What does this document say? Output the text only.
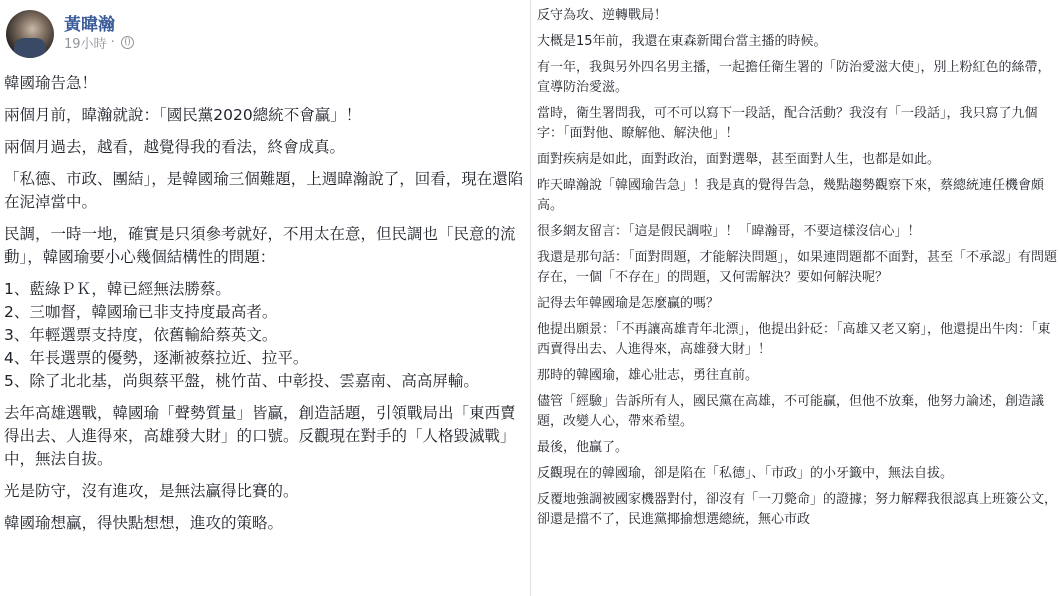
黃暐瀚
19小時 ·

韓國瑜告急！

兩個月前，暐瀚就說：「國民黨2020總統不會贏」！

兩個月過去，越看，越覺得我的看法，終會成真。

「私德、市政、團結」，是韓國瑜三個難題，上週暐瀚說了，回看，現在還陷在泥淖當中。

民調，一時一地，確實是只須參考就好，不用太在意，但民調也「民意的流動」，韓國瑜要小心幾個結構性的問題：

1、藍綠ＰＫ，韓已經無法勝蔡。

2、三咖督，韓國瑜已非支持度最高者。

3、年輕選票支持度，依舊輸給蔡英文。

4、年長選票的優勢，逐漸被蔡拉近、拉平。

5、除了北北基，尚與蔡平盤，桃竹苗、中彰投、雲嘉南、高高屏輸。

去年高雄選戰，韓國瑜「聲勢質量」皆贏，創造話題，引領戰局出「東西賣得出去、人進得來，高雄發大財」的口號。反觀現在對手的「人格毀滅戰」中，無法自拔。

光是防守，沒有進攻，是無法贏得比賽的。

韓國瑜想贏，得快點想想，進攻的策略。

反守為攻、逆轉戰局！

大概是15年前，我還在東森新聞台當主播的時候。

有一年，我與另外四名男主播，一起擔任衛生署的「防治愛滋大使」，別上粉紅色的絲帶，宣導防治愛滋。

當時，衛生署問我，可不可以寫下一段話，配合活動？我沒有「一段話」，我只寫了九個字：「面對他、瞭解他、解決他」！

面對疾病是如此，面對政治，面對選舉，甚至面對人生，也都是如此。

昨天暐瀚說「韓國瑜告急」！我是真的覺得告急，幾點趨勢觀察下來，蔡總統連任機會頗高。

很多網友留言：「這是假民調啦」！「暐瀚哥，不要這樣沒信心」！

我還是那句話：「面對問題，才能解決問題」，如果連問題都不面對，甚至「不承認」有問題存在，一個「不存在」的問題，又何需解決？要如何解決呢？

記得去年韓國瑜是怎麼贏的嗎？

他提出願景：「不再讓高雄青年北漂」，他提出針砭：「高雄又老又窮」，他還提出牛肉：「東西賣得出去、人進得來，高雄發大財」！

那時的韓國瑜，雄心壯志，勇往直前。

儘管「經驗」告訴所有人，國民黨在高雄，不可能贏，但他不放棄，他努力論述，創造議題，改變人心，帶來希望。

最後，他贏了。

反觀現在的韓國瑜，卻是陷在「私德」、「市政」的小牙籤中，無法自拔。

反覆地強調被國家機器對付，卻沒有「一刀斃命」的證據；努力解釋我很認真上班簽公文，卻還是擋不了，民進黨揶揄想選總統，無心市政
